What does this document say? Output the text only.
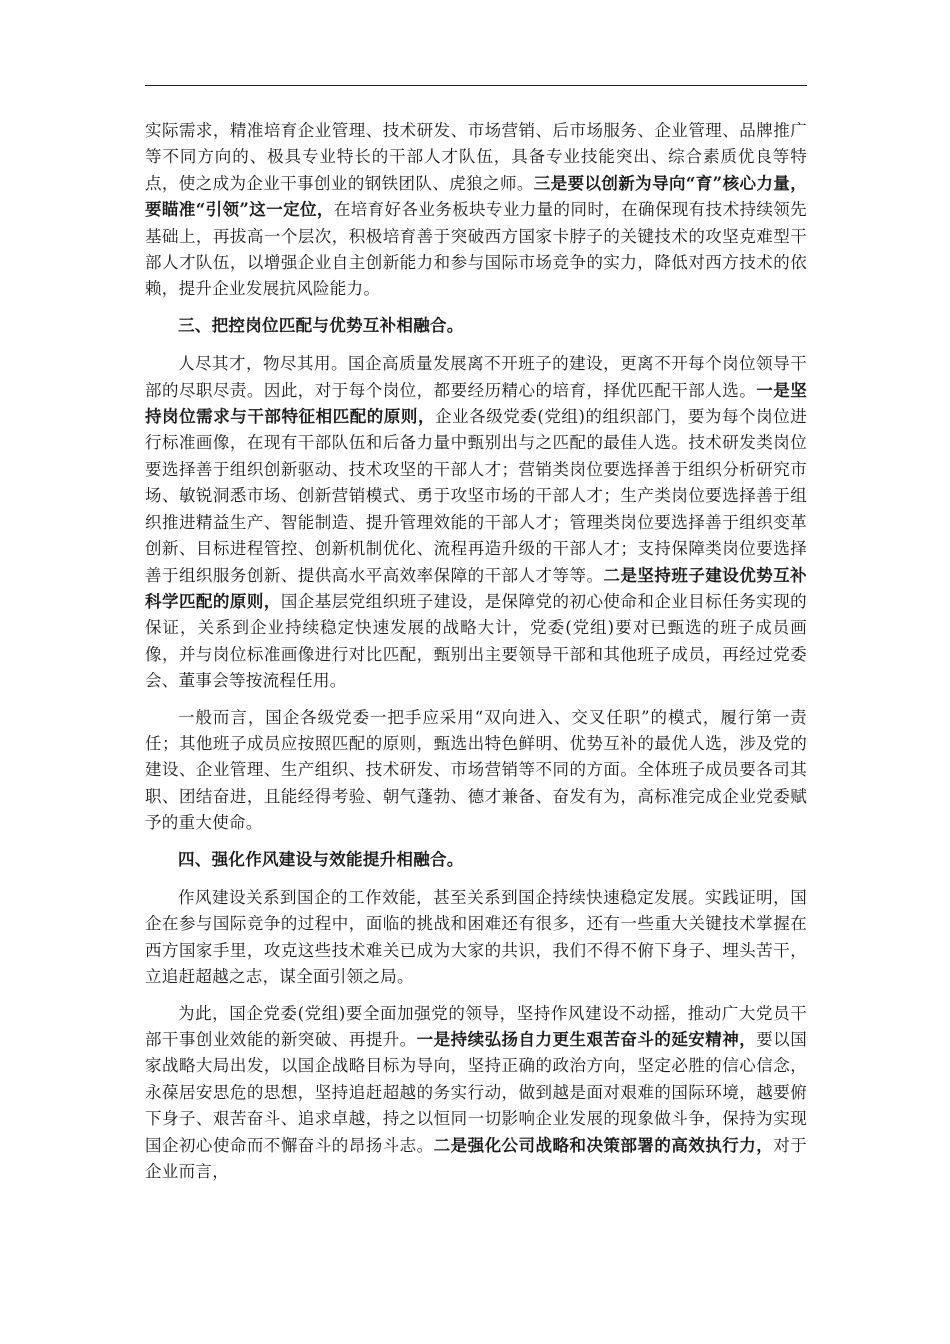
实际需求，精准培育企业管理、技术研发、市场营销、后市场服务、企业管理、品牌推广等不同方向的、极具专业特长的干部人才队伍，具备专业技能突出、综合素质优良等特点，使之成为企业干事创业的钢铁团队、虎狼之师。三是要以创新为导向“育”核心力量，要瞄准“引领”这一定位，在培育好各业务板块专业力量的同时，在确保现有技术持续领先基础上，再拔高一个层次，积极培育善于突破西方国家卡脖子的关键技术的攻坚克难型干部人才队伍，以增强企业自主创新能力和参与国际市场竞争的实力，降低对西方技术的依赖，提升企业发展抗风险能力。

三、把控岗位匹配与优势互补相融合。

人尽其才，物尽其用。国企高质量发展离不开班子的建设，更离不开每个岗位领导干部的尽职尽责。因此，对于每个岗位，都要经历精心的培育，择优匹配干部人选。一是坚持岗位需求与干部特征相匹配的原则，企业各级党委(党组)的组织部门，要为每个岗位进行标准画像，在现有干部队伍和后备力量中甄别出与之匹配的最佳人选。技术研发类岗位要选择善于组织创新驱动、技术攻坚的干部人才；营销类岗位要选择善于组织分析研究市场、敏锐洞悉市场、创新营销模式、勇于攻坚市场的干部人才；生产类岗位要选择善于组织推进精益生产、智能制造、提升管理效能的干部人才；管理类岗位要选择善于组织变革创新、目标进程管控、创新机制优化、流程再造升级的干部人才；支持保障类岗位要选择善于组织服务创新、提供高水平高效率保障的干部人才等等。二是坚持班子建设优势互补科学匹配的原则，国企基层党组织班子建设，是保障党的初心使命和企业目标任务实现的保证，关系到企业持续稳定快速发展的战略大计，党委(党组)要对已甄选的班子成员画像，并与岗位标准画像进行对比匹配，甄别出主要领导干部和其他班子成员，再经过党委会、董事会等按流程任用。

一般而言，国企各级党委一把手应采用“双向进入、交叉任职”的模式，履行第一责任；其他班子成员应按照匹配的原则，甄选出特色鲜明、优势互补的最优人选，涉及党的建设、企业管理、生产组织、技术研发、市场营销等不同的方面。全体班子成员要各司其职、团结奋进，且能经得考验、朝气蓬勃、德才兼备、奋发有为，高标准完成企业党委赋予的重大使命。

四、强化作风建设与效能提升相融合。

作风建设关系到国企的工作效能，甚至关系到国企持续快速稳定发展。实践证明，国企在参与国际竞争的过程中，面临的挑战和困难还有很多，还有一些重大关键技术掌握在西方国家手里，攻克这些技术难关已成为大家的共识，我们不得不俯下身子、埋头苦干，立追赶超越之志，谋全面引领之局。

为此，国企党委(党组)要全面加强党的领导，坚持作风建设不动摇，推动广大党员干部干事创业效能的新突破、再提升。一是持续弘扬自力更生艰苦奋斗的延安精神，要以国家战略大局出发，以国企战略目标为导向，坚持正确的政治方向，坚定必胜的信心信念，永葆居安思危的思想，坚持追赶超越的务实行动，做到越是面对艰难的国际环境，越要俯下身子、艰苦奋斗、追求卓越，持之以恒同一切影响企业发展的现象做斗争，保持为实现国企初心使命而不懈奋斗的昂扬斗志。二是强化公司战略和决策部署的高效执行力，对于企业而言，
